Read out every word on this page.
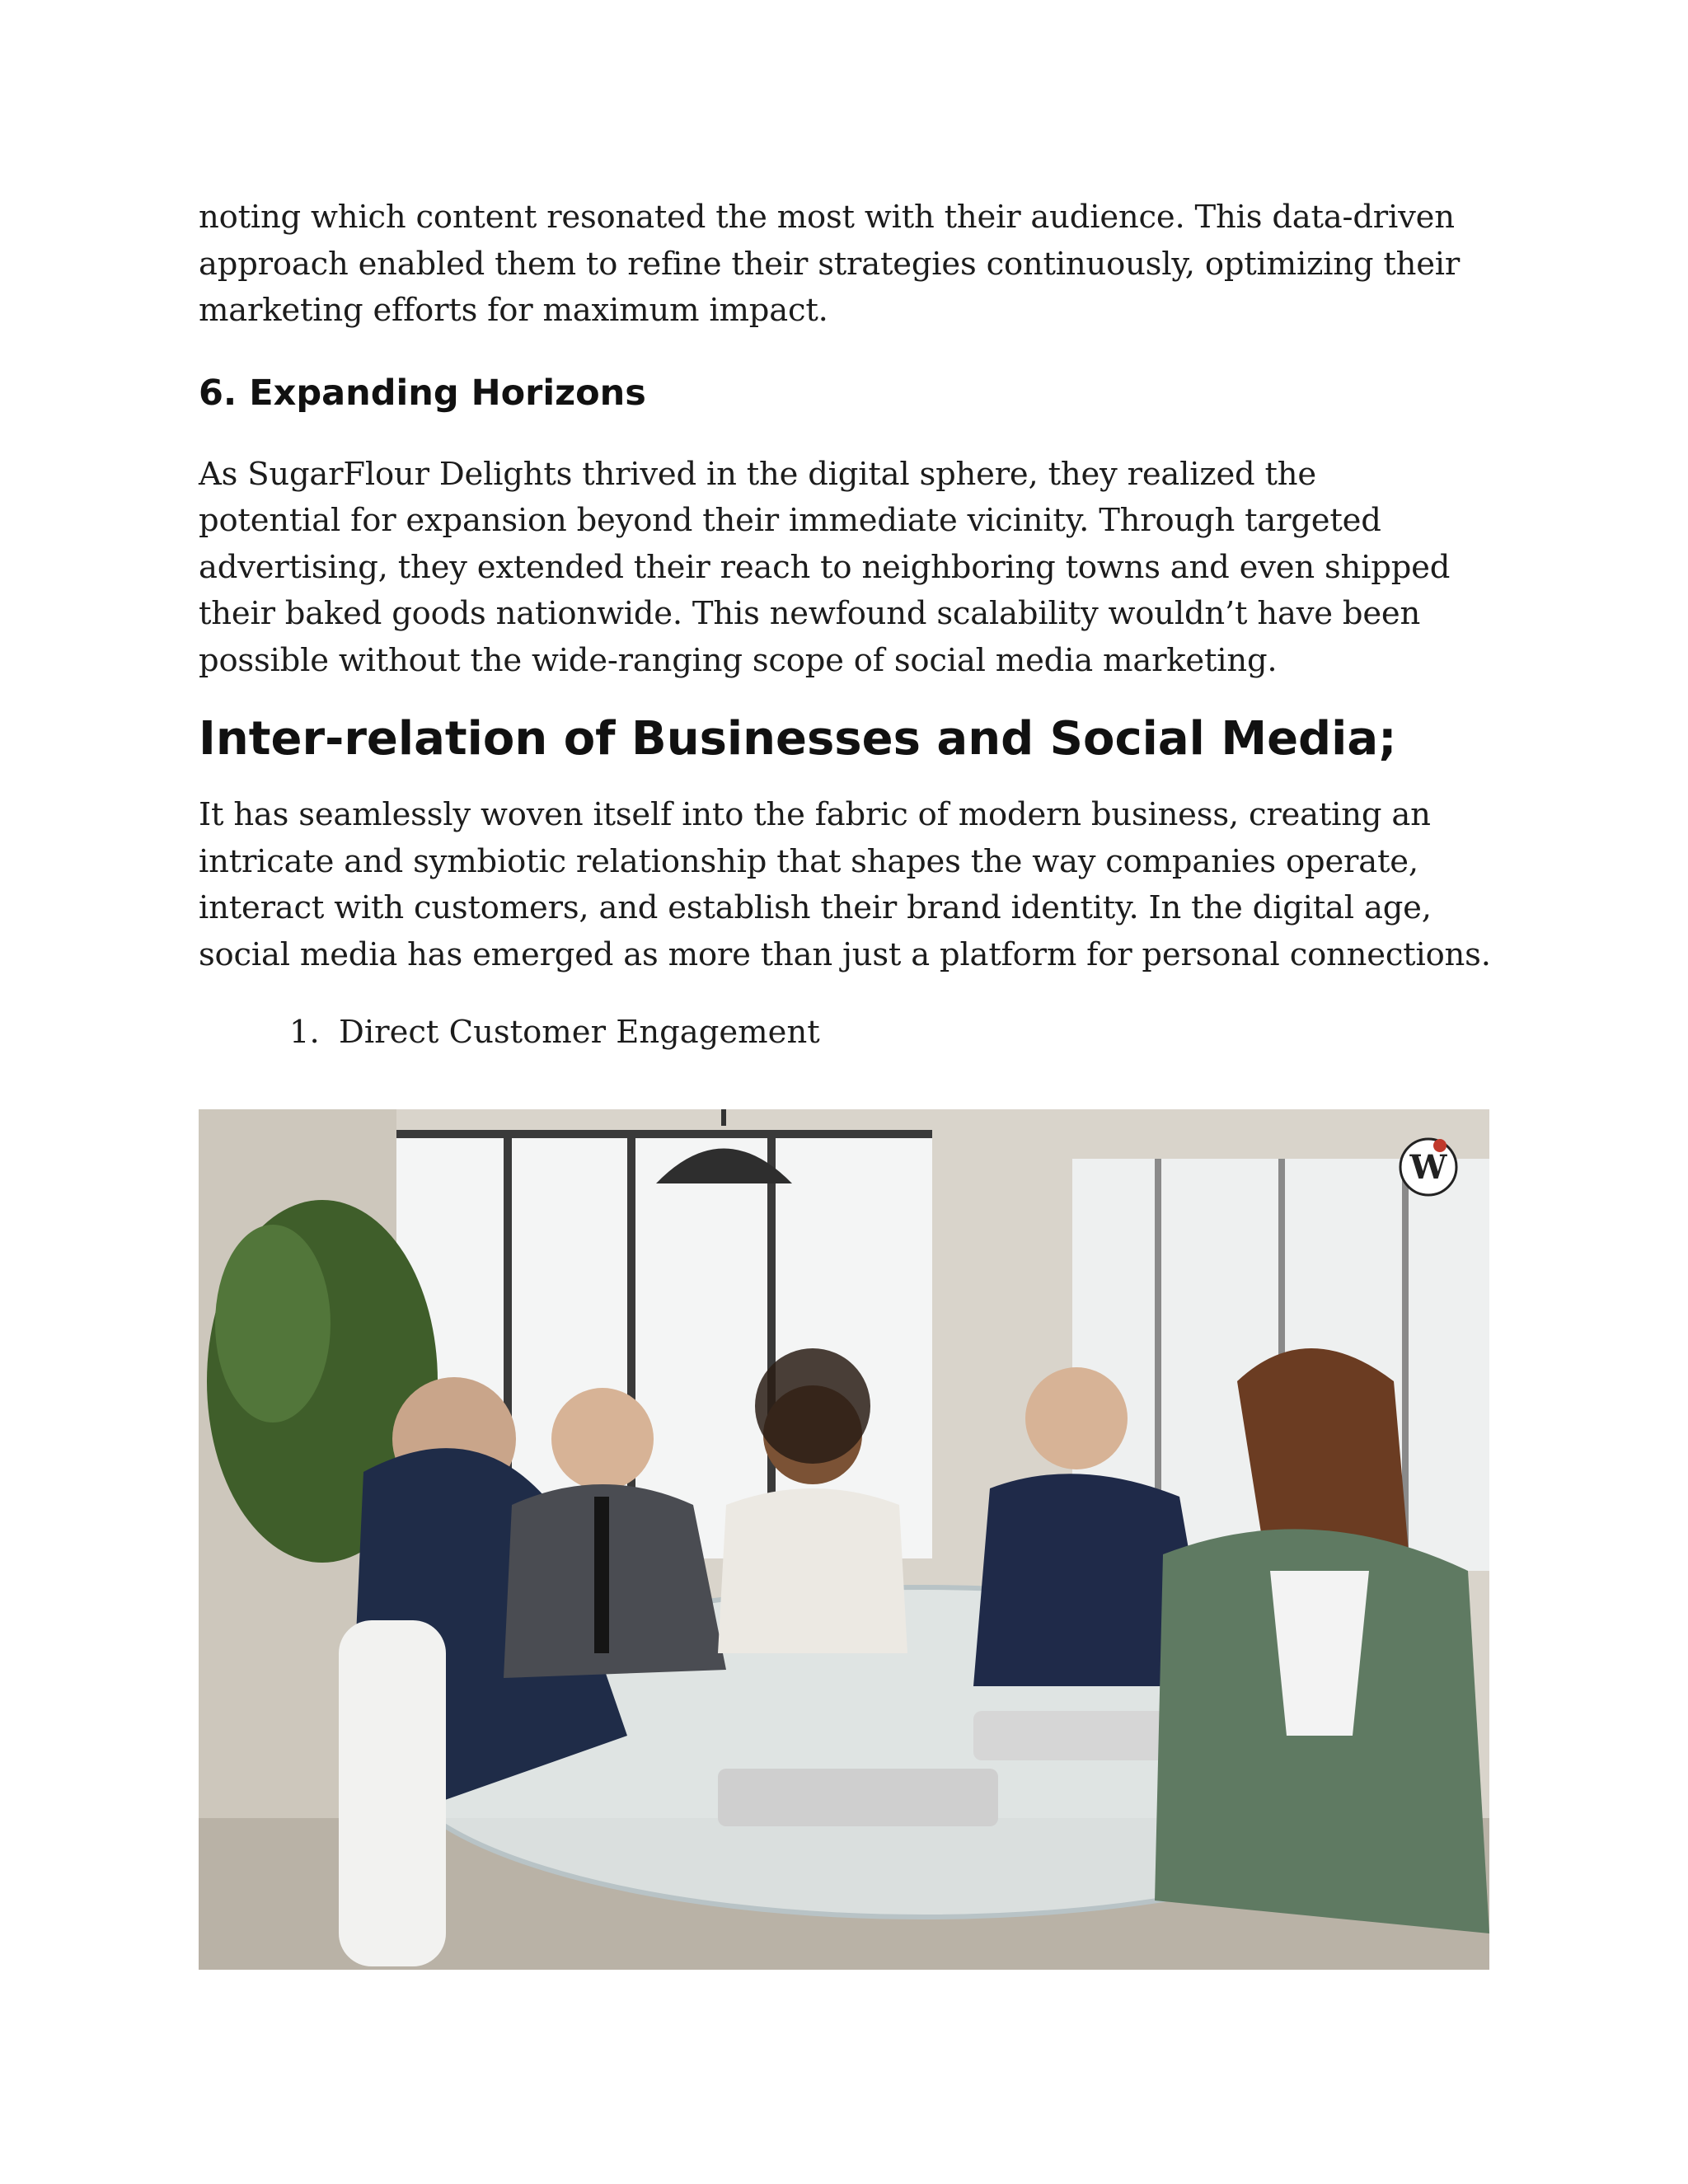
noting which content resonated the most with their audience. This data-driven approach enabled them to refine their strategies continuously, optimizing their marketing efforts for maximum impact.

6. Expanding Horizons

As SugarFlour Delights thrived in the digital sphere, they realized the potential for expansion beyond their immediate vicinity. Through targeted advertising, they extended their reach to neighboring towns and even shipped their baked goods nationwide. This newfound scalability wouldn’t have been possible without the wide-ranging scope of social media marketing.

Inter-relation of Businesses and Social Media;

It has seamlessly woven itself into the fabric of modern business, creating an intricate and symbiotic relationship that shapes the way companies operate, interact with customers, and establish their brand identity. In the digital age, social media has emerged as more than just a platform for personal connections.

1. Direct Customer Engagement

W
